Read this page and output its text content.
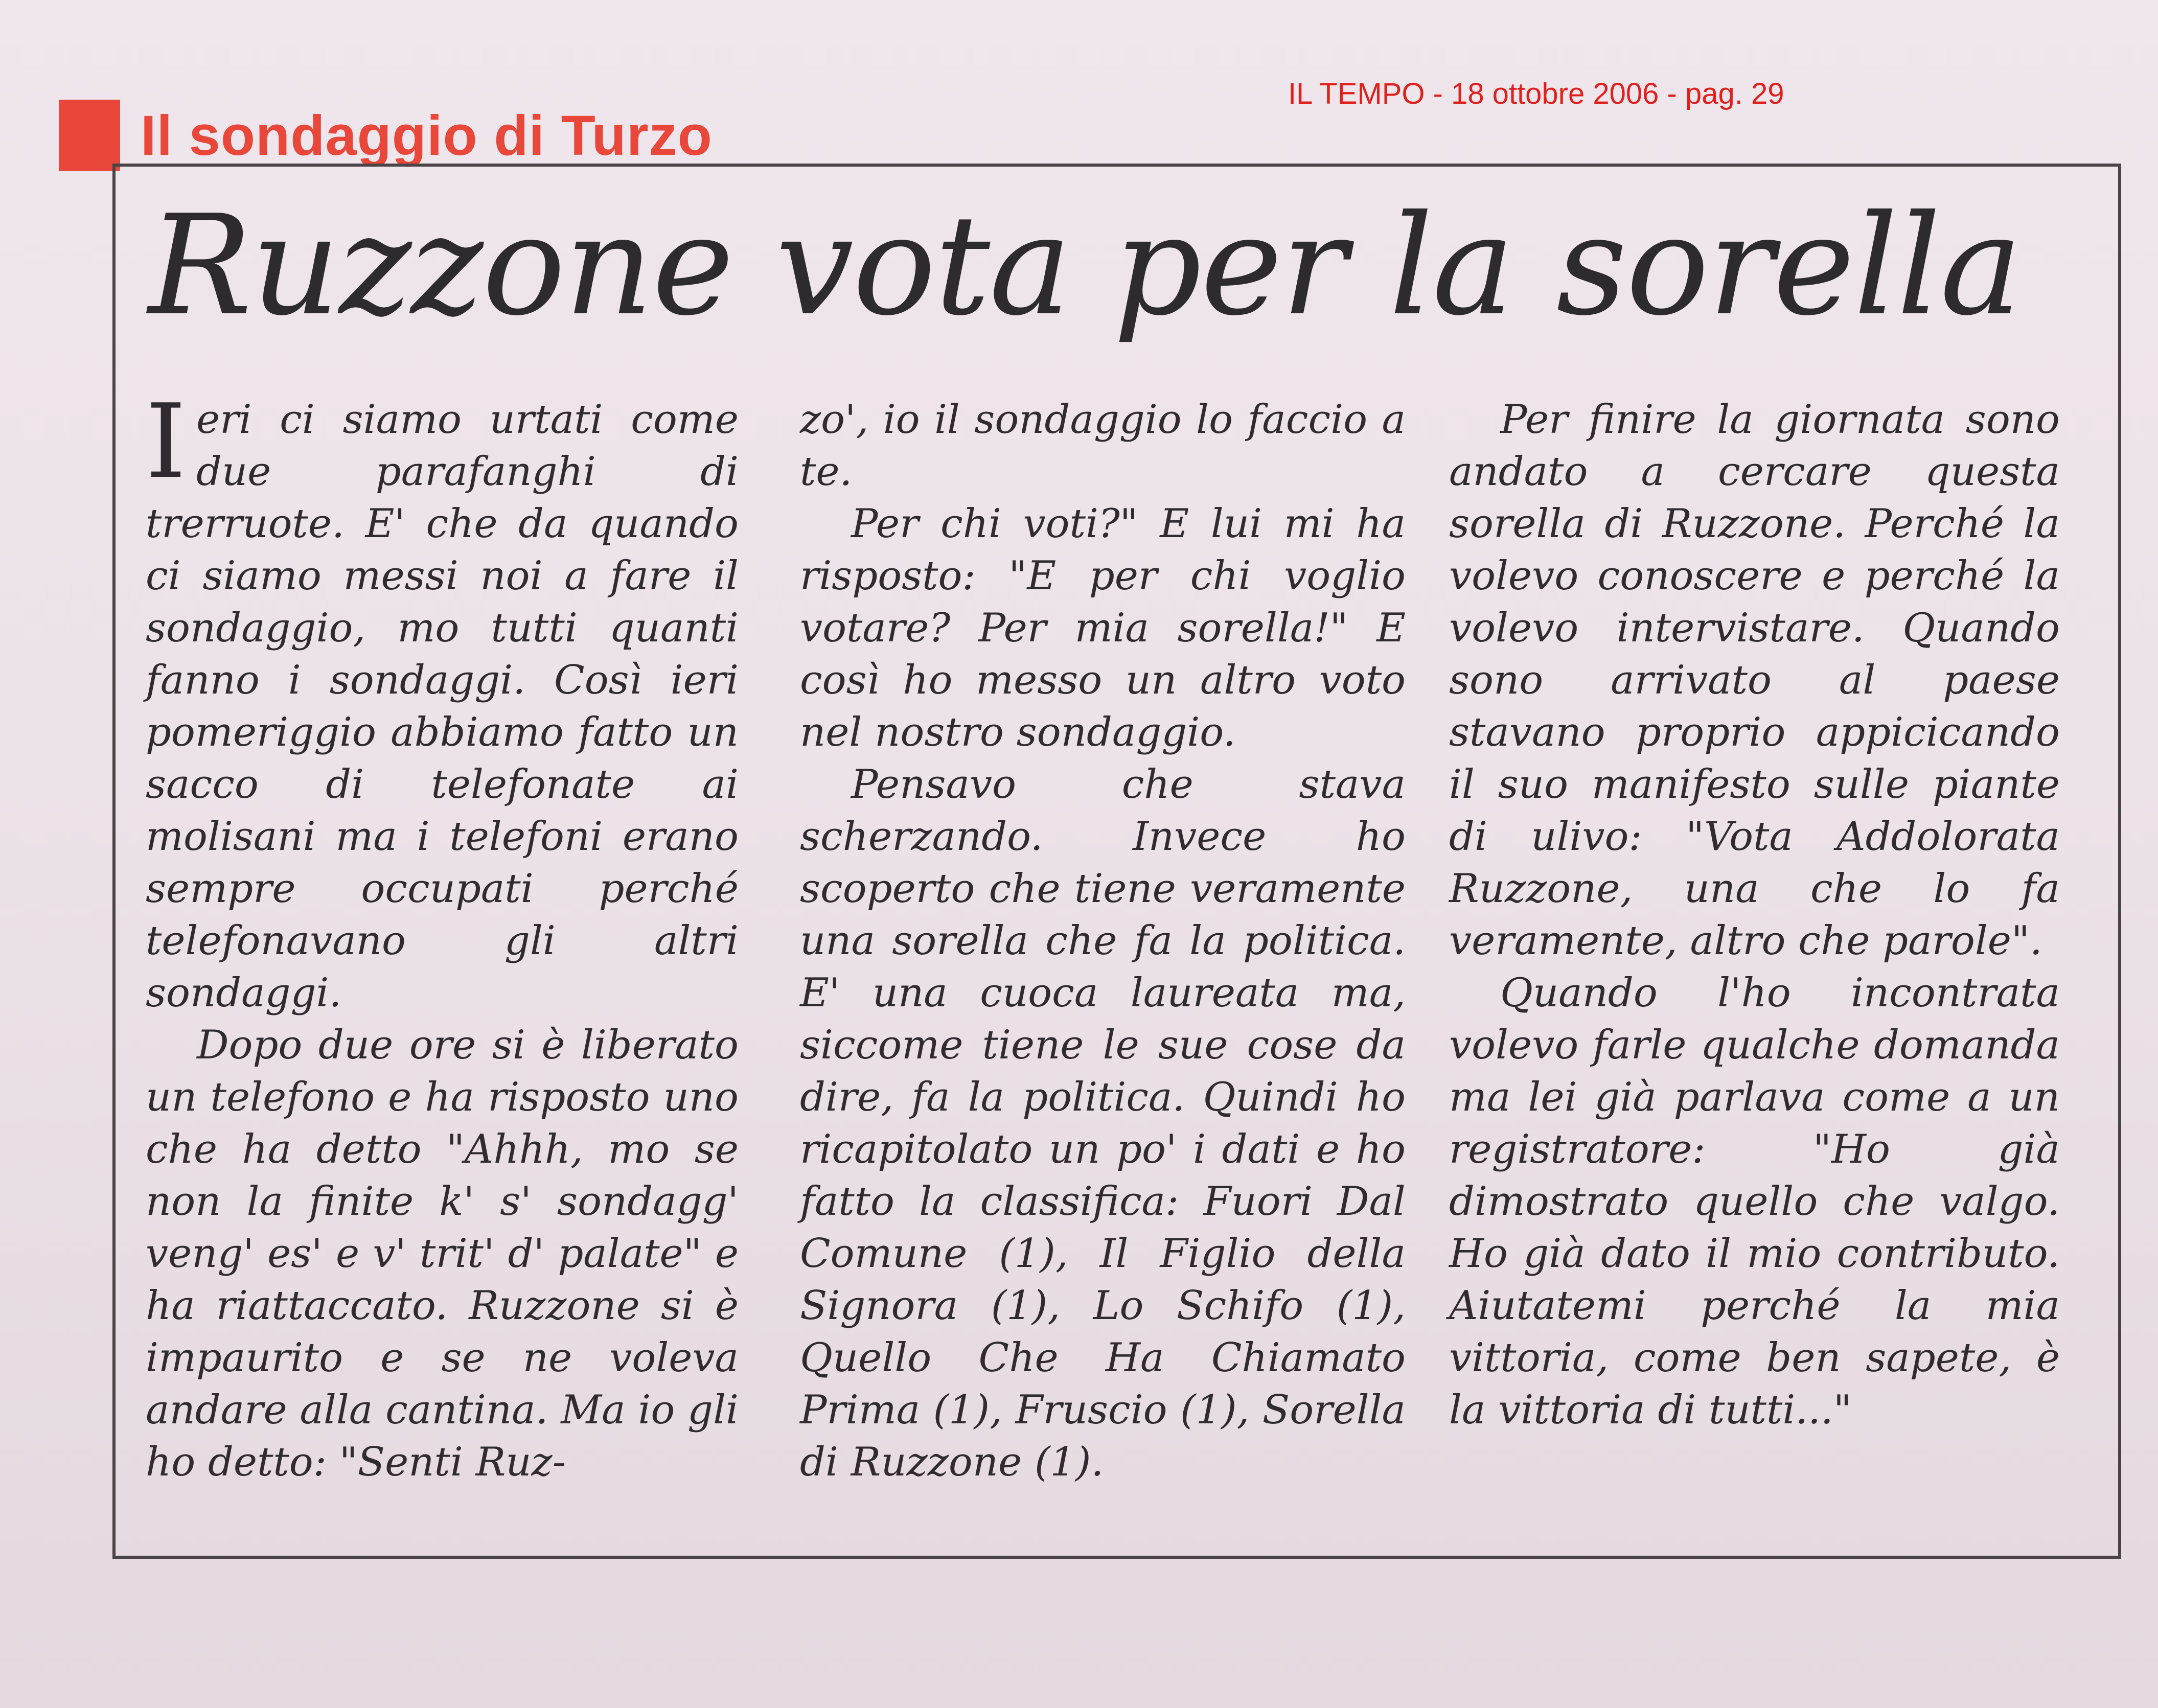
IL TEMPO - 18 ottobre 2006 - pag. 29
Il sondaggio di Turzo
Ruzzone vota per la sorella

Ieri ci siamo urtati come due parafanghi di trerruote. E' che da quando ci siamo messi noi a fare il sondaggio, mo tutti quanti fanno i sondaggi. Così ieri pomeriggio abbiamo fatto un sacco di telefonate ai molisani ma i telefoni erano sempre occupati perché telefonavano gli altri sondaggi.

Dopo due ore si è liberato un telefono e ha risposto uno che ha detto "Ahhh, mo se non la finite k' s' sondagg' veng' es' e v' trit' d' palate" e ha riattaccato. Ruzzone si è impaurito e se ne voleva andare alla cantina. Ma io gli ho detto: "Senti Ruz-

zo', io il sondaggio lo faccio a te.

Per chi voti?" E lui mi ha risposto: "E per chi voglio votare? Per mia sorella!" E così ho messo un altro voto nel nostro sondaggio.

Pensavo che stava scherzando. Invece ho scoperto che tiene veramente una sorella che fa la politica. E' una cuoca laureata ma, siccome tiene le sue cose da dire, fa la politica. Quindi ho ricapitolato un po' i dati e ho fatto la classifica: Fuori Dal Comune (1), Il Figlio della Signora (1), Lo Schifo (1), Quello Che Ha Chiamato Prima (1), Fruscio (1), Sorella di Ruzzone (1).

Per finire la giornata sono andato a cercare questa sorella di Ruzzone. Perché la volevo conoscere e perché la volevo intervistare. Quando sono arrivato al paese stavano proprio appicicando il suo manifesto sulle piante di ulivo: "Vota Addolorata Ruzzone, una che lo fa veramente, altro che parole".

Quando l'ho incontrata volevo farle qualche domanda ma lei già parlava come a un registratore: "Ho già dimostrato quello che valgo. Ho già dato il mio contributo. Aiutatemi perché la mia vittoria, come ben sapete, è la vittoria di tutti..."
